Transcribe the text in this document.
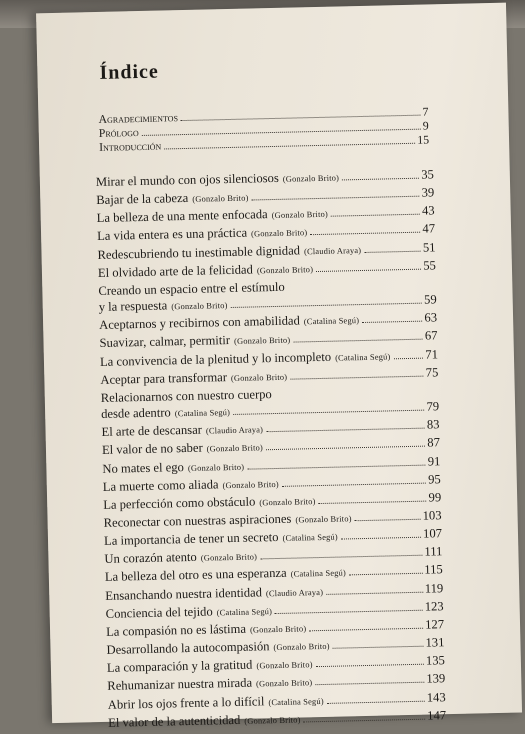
Índice
Agradecimientos	7
Prólogo	9
Introducción	15
Mirar el mundo con ojos silenciosos (Gonzalo Brito)	35
Bajar de la cabeza (Gonzalo Brito)	39
La belleza de una mente enfocada (Gonzalo Brito)	43
La vida entera es una práctica (Gonzalo Brito)	47
Redescubriendo tu inestimable dignidad (Claudio Araya)	51
El olvidado arte de la felicidad (Gonzalo Brito)	55
Creando un espacio entre el estímulo
y la respuesta (Gonzalo Brito)	59
Aceptarnos y recibirnos con amabilidad (Catalina Segú)	63
Suavizar, calmar, permitir (Gonzalo Brito)	67
La convivencia de la plenitud y lo incompleto (Catalina Segú)	71
Aceptar para transformar (Gonzalo Brito)	75
Relacionarnos con nuestro cuerpo
desde adentro (Catalina Segú)	79
El arte de descansar (Claudio Araya)	83
El valor de no saber (Gonzalo Brito)	87
No mates el ego (Gonzalo Brito)	91
La muerte como aliada (Gonzalo Brito)	95
La perfección como obstáculo (Gonzalo Brito)	99
Reconectar con nuestras aspiraciones (Gonzalo Brito)	103
La importancia de tener un secreto (Catalina Segú)	107
Un corazón atento (Gonzalo Brito)	111
La belleza del otro es una esperanza (Catalina Segú)	115
Ensanchando nuestra identidad (Claudio Araya)	119
Conciencia del tejido (Catalina Segú)	123
La compasión no es lástima (Gonzalo Brito)	127
Desarrollando la autocompasión (Gonzalo Brito)	131
La comparación y la gratitud (Gonzalo Brito)	135
Rehumanizar nuestra mirada (Gonzalo Brito)	139
Abrir los ojos frente a lo difícil (Catalina Segú)	143
El valor de la autenticidad (Gonzalo Brito)	147
